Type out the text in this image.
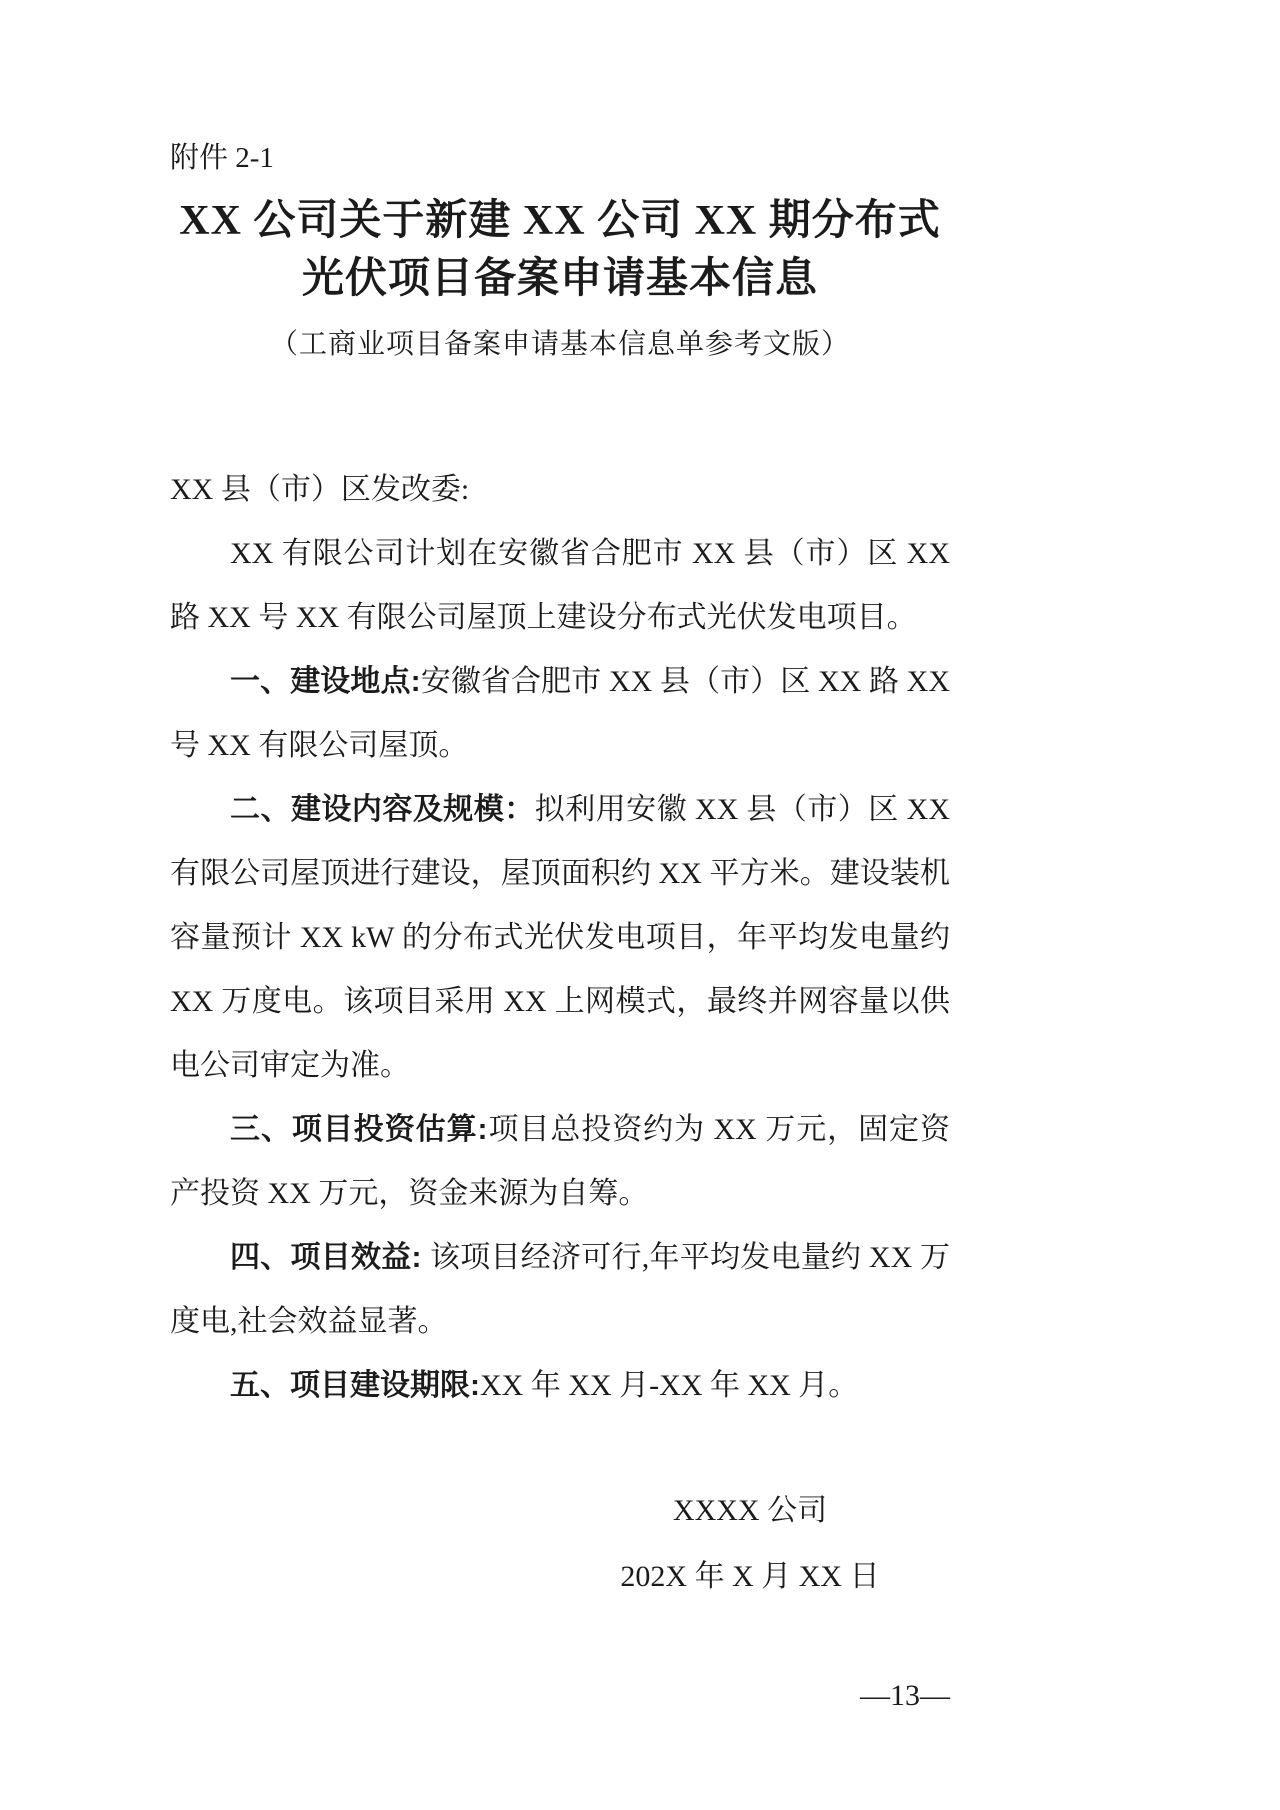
附件 2-1
XX 公司关于新建 XX 公司 XX 期分布式
光伏项目备案申请基本信息
（工商业项目备案申请基本信息单参考文版）

XX 县（市）区发改委:

XX 有限公司计划在安徽省合肥市 XX 县（市）区 XX 路 XX 号 XX 有限公司屋顶上建设分布式光伏发电项目。

一、建设地点:安徽省合肥市 XX 县（市）区 XX 路 XX 号 XX 有限公司屋顶。

二、建设内容及规模：拟利用安徽 XX 县（市）区 XX 有限公司屋顶进行建设，屋顶面积约 XX 平方米。建设装机容量预计 XX kW 的分布式光伏发电项目，年平均发电量约 XX 万度电。该项目采用 XX 上网模式，最终并网容量以供电公司审定为准。

三、项目投资估算:项目总投资约为 XX 万元，固定资产投资 XX 万元，资金来源为自筹。

四、项目效益: 该项目经济可行,年平均发电量约 XX 万度电,社会效益显著。

五、项目建设期限:XX 年 XX 月-XX 年 XX 月。

XXXX 公司
202X 年 X 月 XX 日
—13—
